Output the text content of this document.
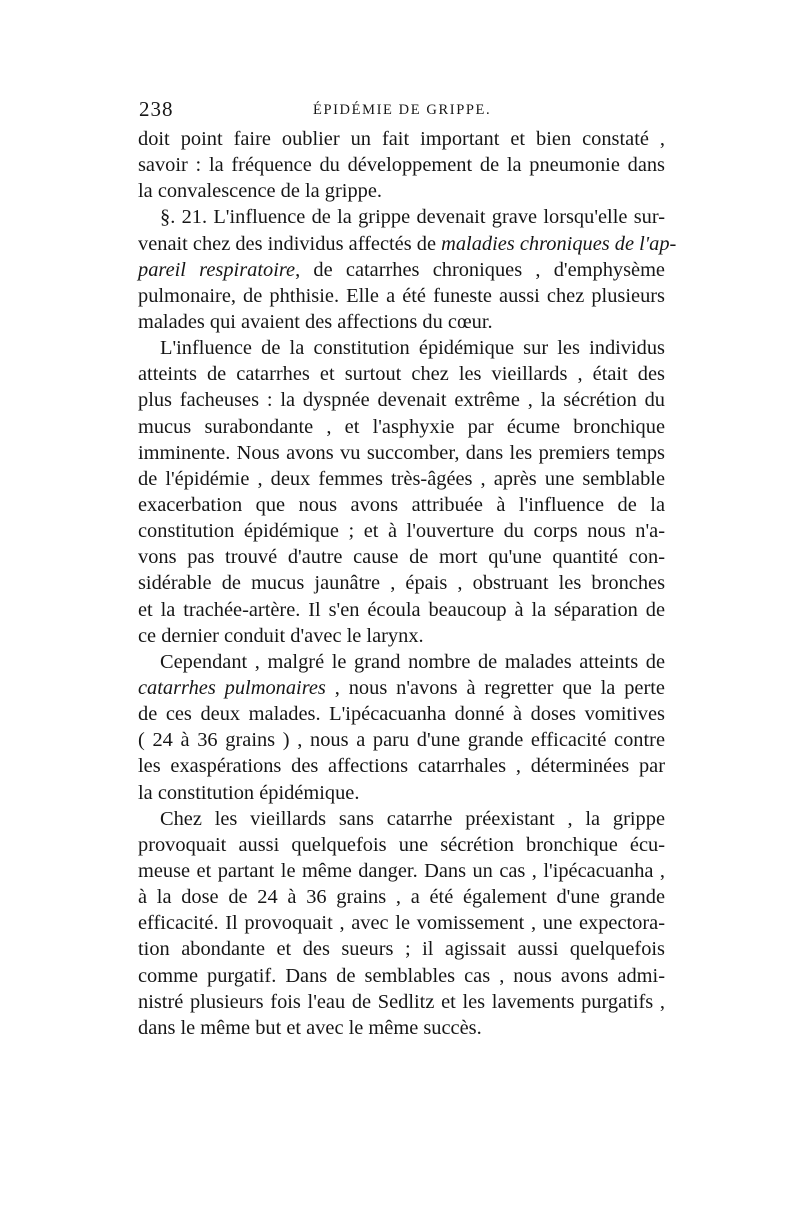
238	ÉPIDÉMIE DE GRIPPE.
doit point faire oublier un fait important et bien constaté ,
savoir : la fréquence du développement de la pneumonie dans
la convalescence de la grippe.
§. 21. L'influence de la grippe devenait grave lorsqu'elle sur-
venait chez des individus affectés de maladies chroniques de l'ap-
pareil respiratoire, de catarrhes chroniques , d'emphysème
pulmonaire, de phthisie. Elle a été funeste aussi chez plusieurs
malades qui avaient des affections du cœur.
L'influence de la constitution épidémique sur les individus
atteints de catarrhes et surtout chez les vieillards , était des
plus facheuses : la dyspnée devenait extrême , la sécrétion du
mucus surabondante , et l'asphyxie par écume bronchique
imminente. Nous avons vu succomber, dans les premiers temps
de l'épidémie , deux femmes très-âgées , après une semblable
exacerbation que nous avons attribuée à l'influence de la
constitution épidémique ; et à l'ouverture du corps nous n'a-
vons pas trouvé d'autre cause de mort qu'une quantité con-
sidérable de mucus jaunâtre , épais , obstruant les bronches
et la trachée-artère. Il s'en écoula beaucoup à la séparation de
ce dernier conduit d'avec le larynx.
Cependant , malgré le grand nombre de malades atteints de
catarrhes pulmonaires , nous n'avons à regretter que la perte
de ces deux malades. L'ipécacuanha donné à doses vomitives
( 24 à 36 grains ) , nous a paru d'une grande efficacité contre
les exaspérations des affections catarrhales , déterminées par
la constitution épidémique.
Chez les vieillards sans catarrhe préexistant , la grippe
provoquait aussi quelquefois une sécrétion bronchique écu-
meuse et partant le même danger. Dans un cas , l'ipécacuanha ,
à la dose de 24 à 36 grains , a été également d'une grande
efficacité. Il provoquait , avec le vomissement , une expectora-
tion abondante et des sueurs ; il agissait aussi quelquefois
comme purgatif. Dans de semblables cas , nous avons admi-
nistré plusieurs fois l'eau de Sedlitz et les lavements purgatifs ,
dans le même but et avec le même succès.
